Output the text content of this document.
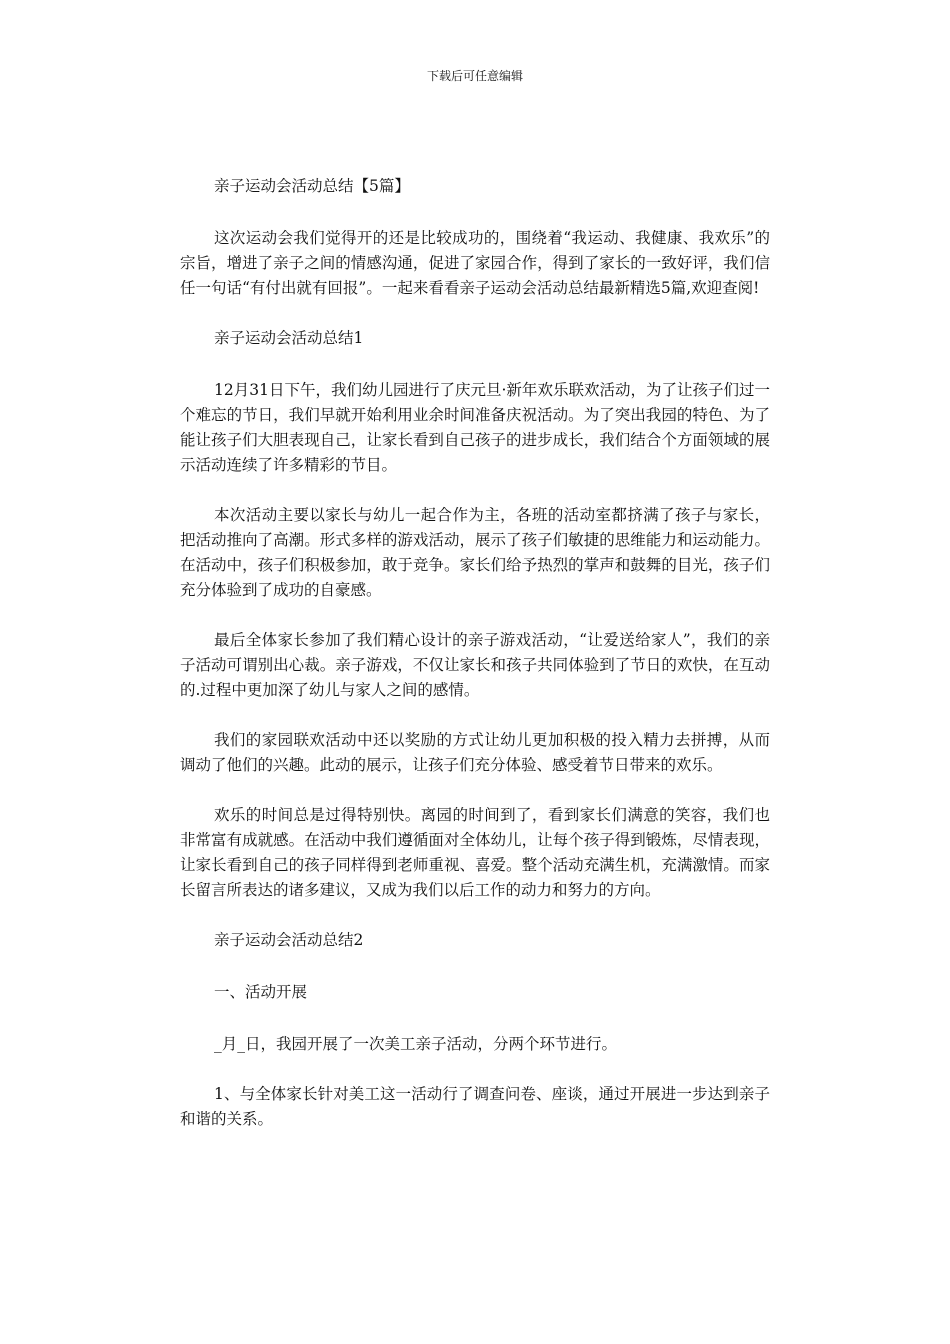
下载后可任意编辑
亲子运动会活动总结【5篇】

这次运动会我们觉得开的还是比较成功的，围绕着“我运动、我健康、我欢乐”的宗旨，增进了亲子之间的情感沟通，促进了家园合作，得到了家长的一致好评，我们信任一句话“有付出就有回报”。一起来看看亲子运动会活动总结最新精选5篇,欢迎查阅!

亲子运动会活动总结1

12月31日下午，我们幼儿园进行了庆元旦·新年欢乐联欢活动，为了让孩子们过一个难忘的节日，我们早就开始利用业余时间准备庆祝活动。为了突出我园的特色、为了能让孩子们大胆表现自己，让家长看到自己孩子的进步成长，我们结合个方面领域的展示活动连续了许多精彩的节目。

本次活动主要以家长与幼儿一起合作为主，各班的活动室都挤满了孩子与家长，把活动推向了高潮。形式多样的游戏活动，展示了孩子们敏捷的思维能力和运动能力。在活动中，孩子们积极参加，敢于竞争。家长们给予热烈的掌声和鼓舞的目光，孩子们充分体验到了成功的自豪感。

最后全体家长参加了我们精心设计的亲子游戏活动，“让爱送给家人”，我们的亲子活动可谓别出心裁。亲子游戏，不仅让家长和孩子共同体验到了节日的欢快，在互动的.过程中更加深了幼儿与家人之间的感情。

我们的家园联欢活动中还以奖励的方式让幼儿更加积极的投入精力去拼搏，从而调动了他们的兴趣。此动的展示，让孩子们充分体验、感受着节日带来的欢乐。

欢乐的时间总是过得特别快。离园的时间到了，看到家长们满意的笑容，我们也非常富有成就感。在活动中我们遵循面对全体幼儿，让每个孩子得到锻炼，尽情表现，让家长看到自己的孩子同样得到老师重视、喜爱。整个活动充满生机，充满激情。而家长留言所表达的诸多建议，又成为我们以后工作的动力和努力的方向。

亲子运动会活动总结2
一、活动开展

_月_日，我园开展了一次美工亲子活动，分两个环节进行。

1、与全体家长针对美工这一活动行了调查问卷、座谈，通过开展进一步达到亲子和谐的关系。
